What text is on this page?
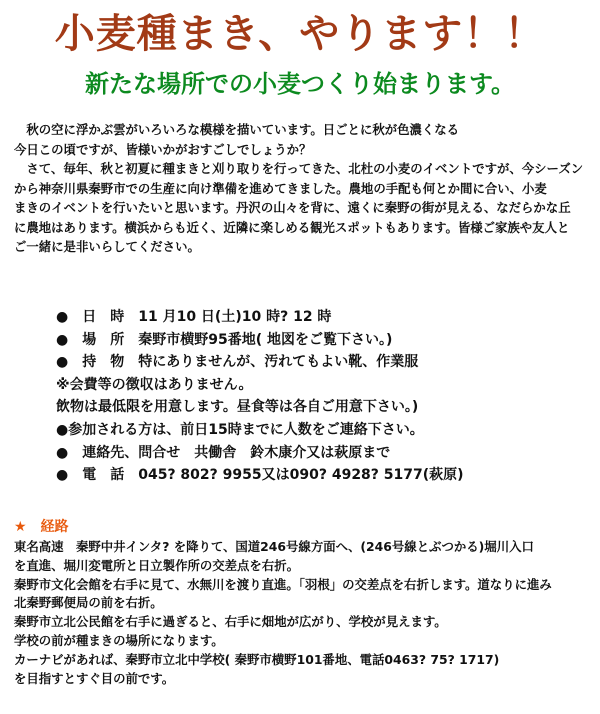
小麦種まき、やります！！
新たな場所での小麦つくり始まります。

　秋の空に浮かぶ雲がいろいろな模様を描いています。日ごとに秋が色濃くなる

今日この頃ですが、皆様いかがおすごしでしょうか？

　さて、毎年、秋と初夏に種まきと刈り取りを行ってきた、北杜の小麦のイベントですが、今シーズン

から神奈川県秦野市での生産に向け準備を進めてきました。農地の手配も何とか間に合い、小麦

まきのイベントを行いたいと思います。丹沢の山々を背に、遠くに秦野の街が見える、なだらかな丘

に農地はあります。横浜からも近く、近隣に楽しめる観光スポットもあります。皆様ご家族や友人と

ご一緒に是非いらしてください。

●　日　時　11 月10 日(土)10 時? 12 時
●　場　所　秦野市横野95番地( 地図をご覧下さい。)
●　持　物　特にありませんが、汚れてもよい靴、作業服
※会費等の徴収はありません。
飲物は最低限を用意します。昼食等は各自ご用意下さい。)
●参加される方は、前日15時までに人数をご連絡下さい。
●　連絡先、問合せ　共働舎　鈴木康介又は萩原まで
●　電　話　045? 802? 9955又は090? 4928? 5177(萩原)
★　経路

東名高速　秦野中井インタ? を降りて、国道246号線方面へ、(246号線とぶつかる)堀川入口

を直進、堀川変電所と日立製作所の交差点を右折。

秦野市文化会館を右手に見て、水無川を渡り直進。「羽根」の交差点を右折します。道なりに進み

北秦野郵便局の前を右折。

秦野市立北公民館を右手に過ぎると、右手に畑地が広がり、学校が見えます。

学校の前が種まきの場所になります。

カーナビがあれば、秦野市立北中学校( 秦野市横野101番地、電話0463? 75? 1717)

を目指すとすぐ目の前です。
